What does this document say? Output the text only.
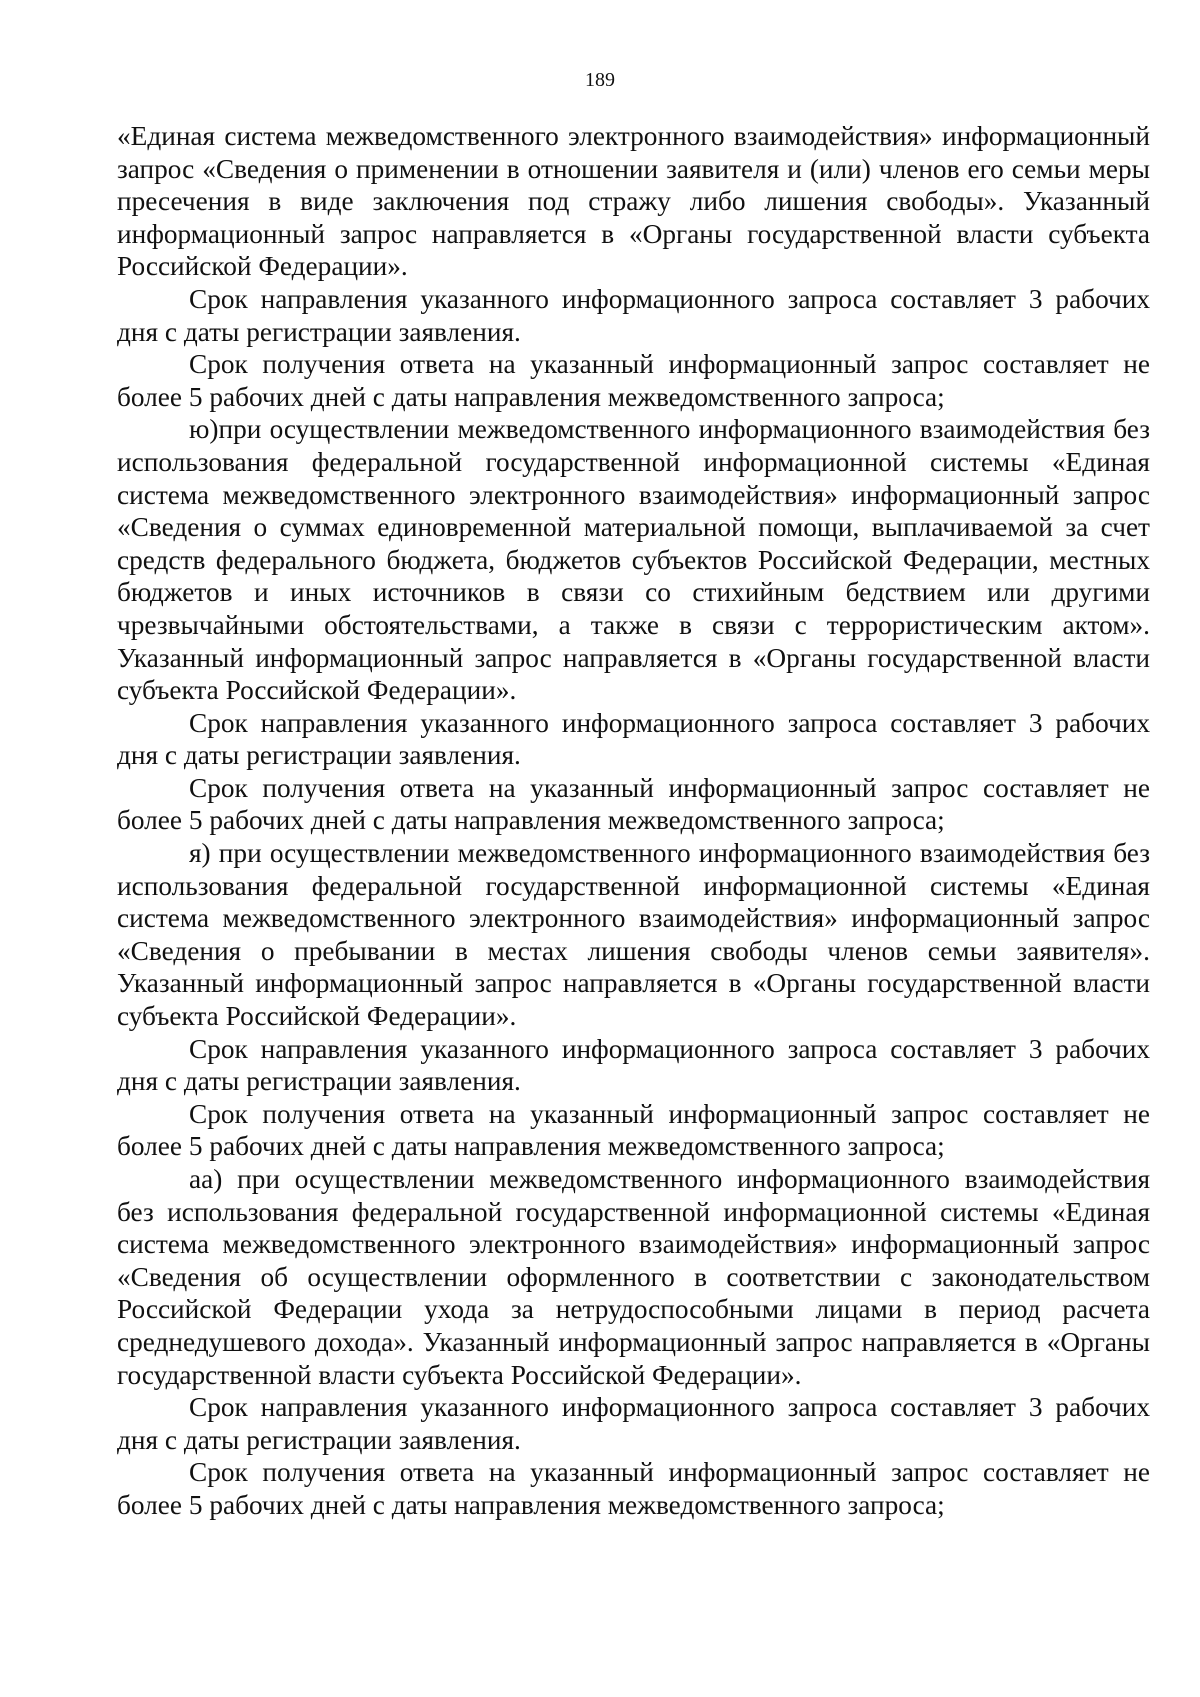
189

«Единая система межведомственного электронного взаимодействия» информационный запрос «Сведения о применении в отношении заявителя и (или) членов его семьи меры пресечения в виде заключения под стражу либо лишения свободы». Указанный информационный запрос направляется в «Органы государственной власти субъекта Российской Федерации».

Срок направления указанного информационного запроса составляет 3 рабочих дня с даты регистрации заявления.

Срок получения ответа на указанный информационный запрос составляет не более 5 рабочих дней с даты направления межведомственного запроса;

ю)при осуществлении межведомственного информационного взаимодействия без использования федеральной государственной информационной системы «Единая система межведомственного электронного взаимодействия» информационный запрос «Сведения о суммах единовременной материальной помощи, выплачиваемой за счет средств федерального бюджета, бюджетов субъектов Российской Федерации, местных бюджетов и иных источников в связи со стихийным бедствием или другими чрезвычайными обстоятельствами, а также в связи с террористическим актом». Указанный информационный запрос направляется в «Органы государственной власти субъекта Российской Федерации».

Срок направления указанного информационного запроса составляет 3 рабочих дня с даты регистрации заявления.

Срок получения ответа на указанный информационный запрос составляет не более 5 рабочих дней с даты направления межведомственного запроса;

я) при осуществлении межведомственного информационного взаимодействия без использования федеральной государственной информационной системы «Единая система межведомственного электронного взаимодействия» информационный запрос «Сведения о пребывании в местах лишения свободы членов семьи заявителя». Указанный информационный запрос направляется в «Органы государственной власти субъекта Российской Федерации».

Срок направления указанного информационного запроса составляет 3 рабочих дня с даты регистрации заявления.

Срок получения ответа на указанный информационный запрос составляет не более 5 рабочих дней с даты направления межведомственного запроса;

аа) при осуществлении межведомственного информационного взаимодействия без использования федеральной государственной информационной системы «Единая система межведомственного электронного взаимодействия» информационный запрос «Сведения об осуществлении оформленного в соответствии с законодательством Российской Федерации ухода за нетрудоспособными лицами в период расчета среднедушевого дохода». Указанный информационный запрос направляется в «Органы государственной власти субъекта Российской Федерации».

Срок направления указанного информационного запроса составляет 3 рабочих дня с даты регистрации заявления.

Срок получения ответа на указанный информационный запрос составляет не более 5 рабочих дней с даты направления межведомственного запроса;
